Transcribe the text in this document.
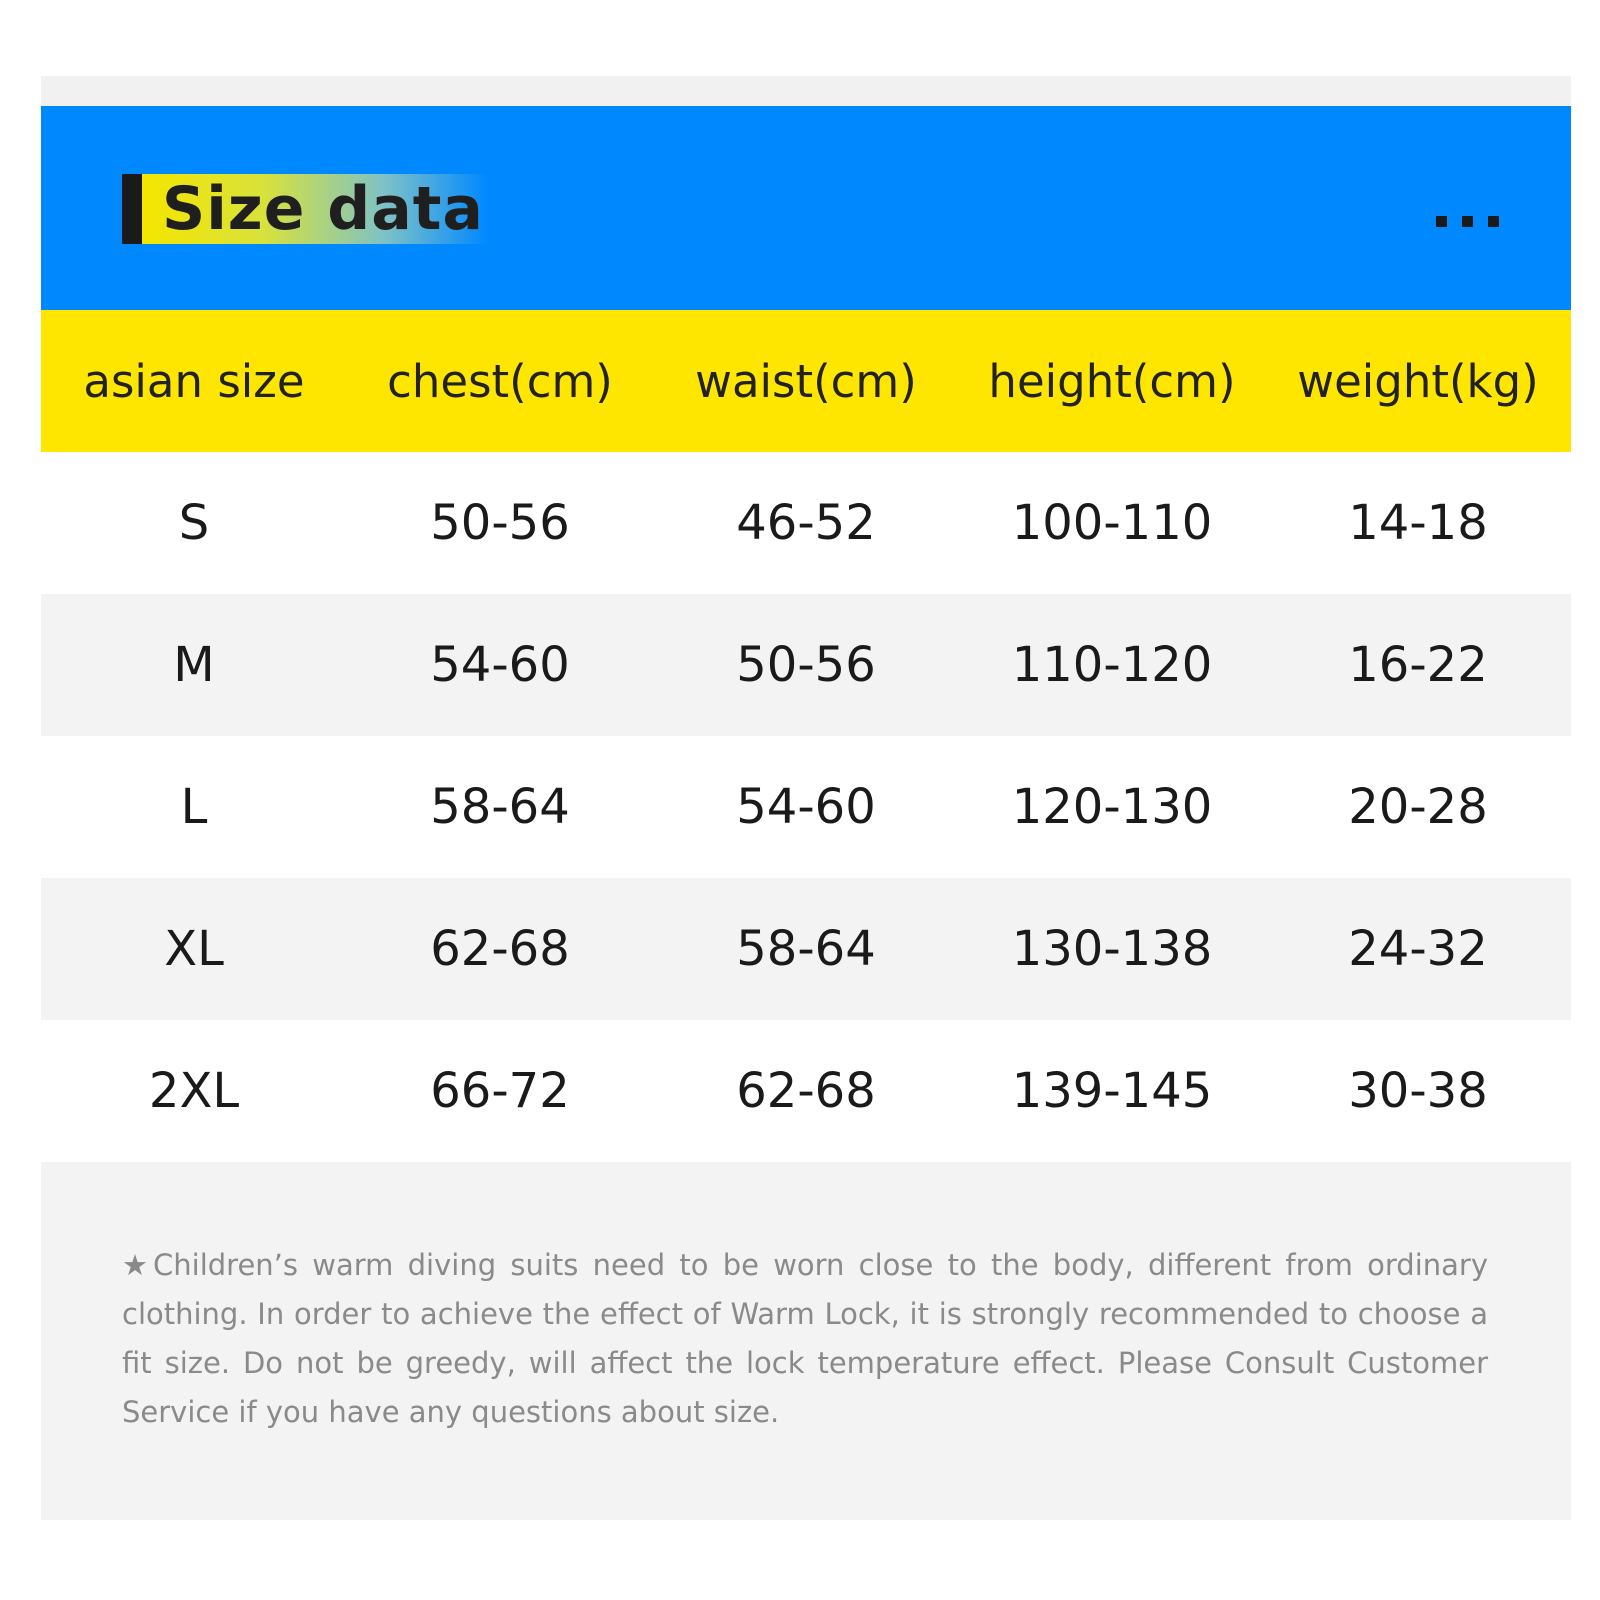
Size data
asian size	chest(cm)	waist(cm)	height(cm)	weight(kg)
S	50-56	46-52	100-110	14-18
M	54-60	50-56	110-120	16-22
L	58-64	54-60	120-130	20-28
XL	62-68	58-64	130-138	24-32
2XL	66-72	62-68	139-145	30-38
★Children’s warm diving suits need to be worn close to the body, different from ordinary clothing. In order to achieve the effect of Warm Lock, it is strongly recommended to choose a fit size. Do not be greedy, will affect the lock temperature effect. Please Consult Customer Service if you have any questions about size.
